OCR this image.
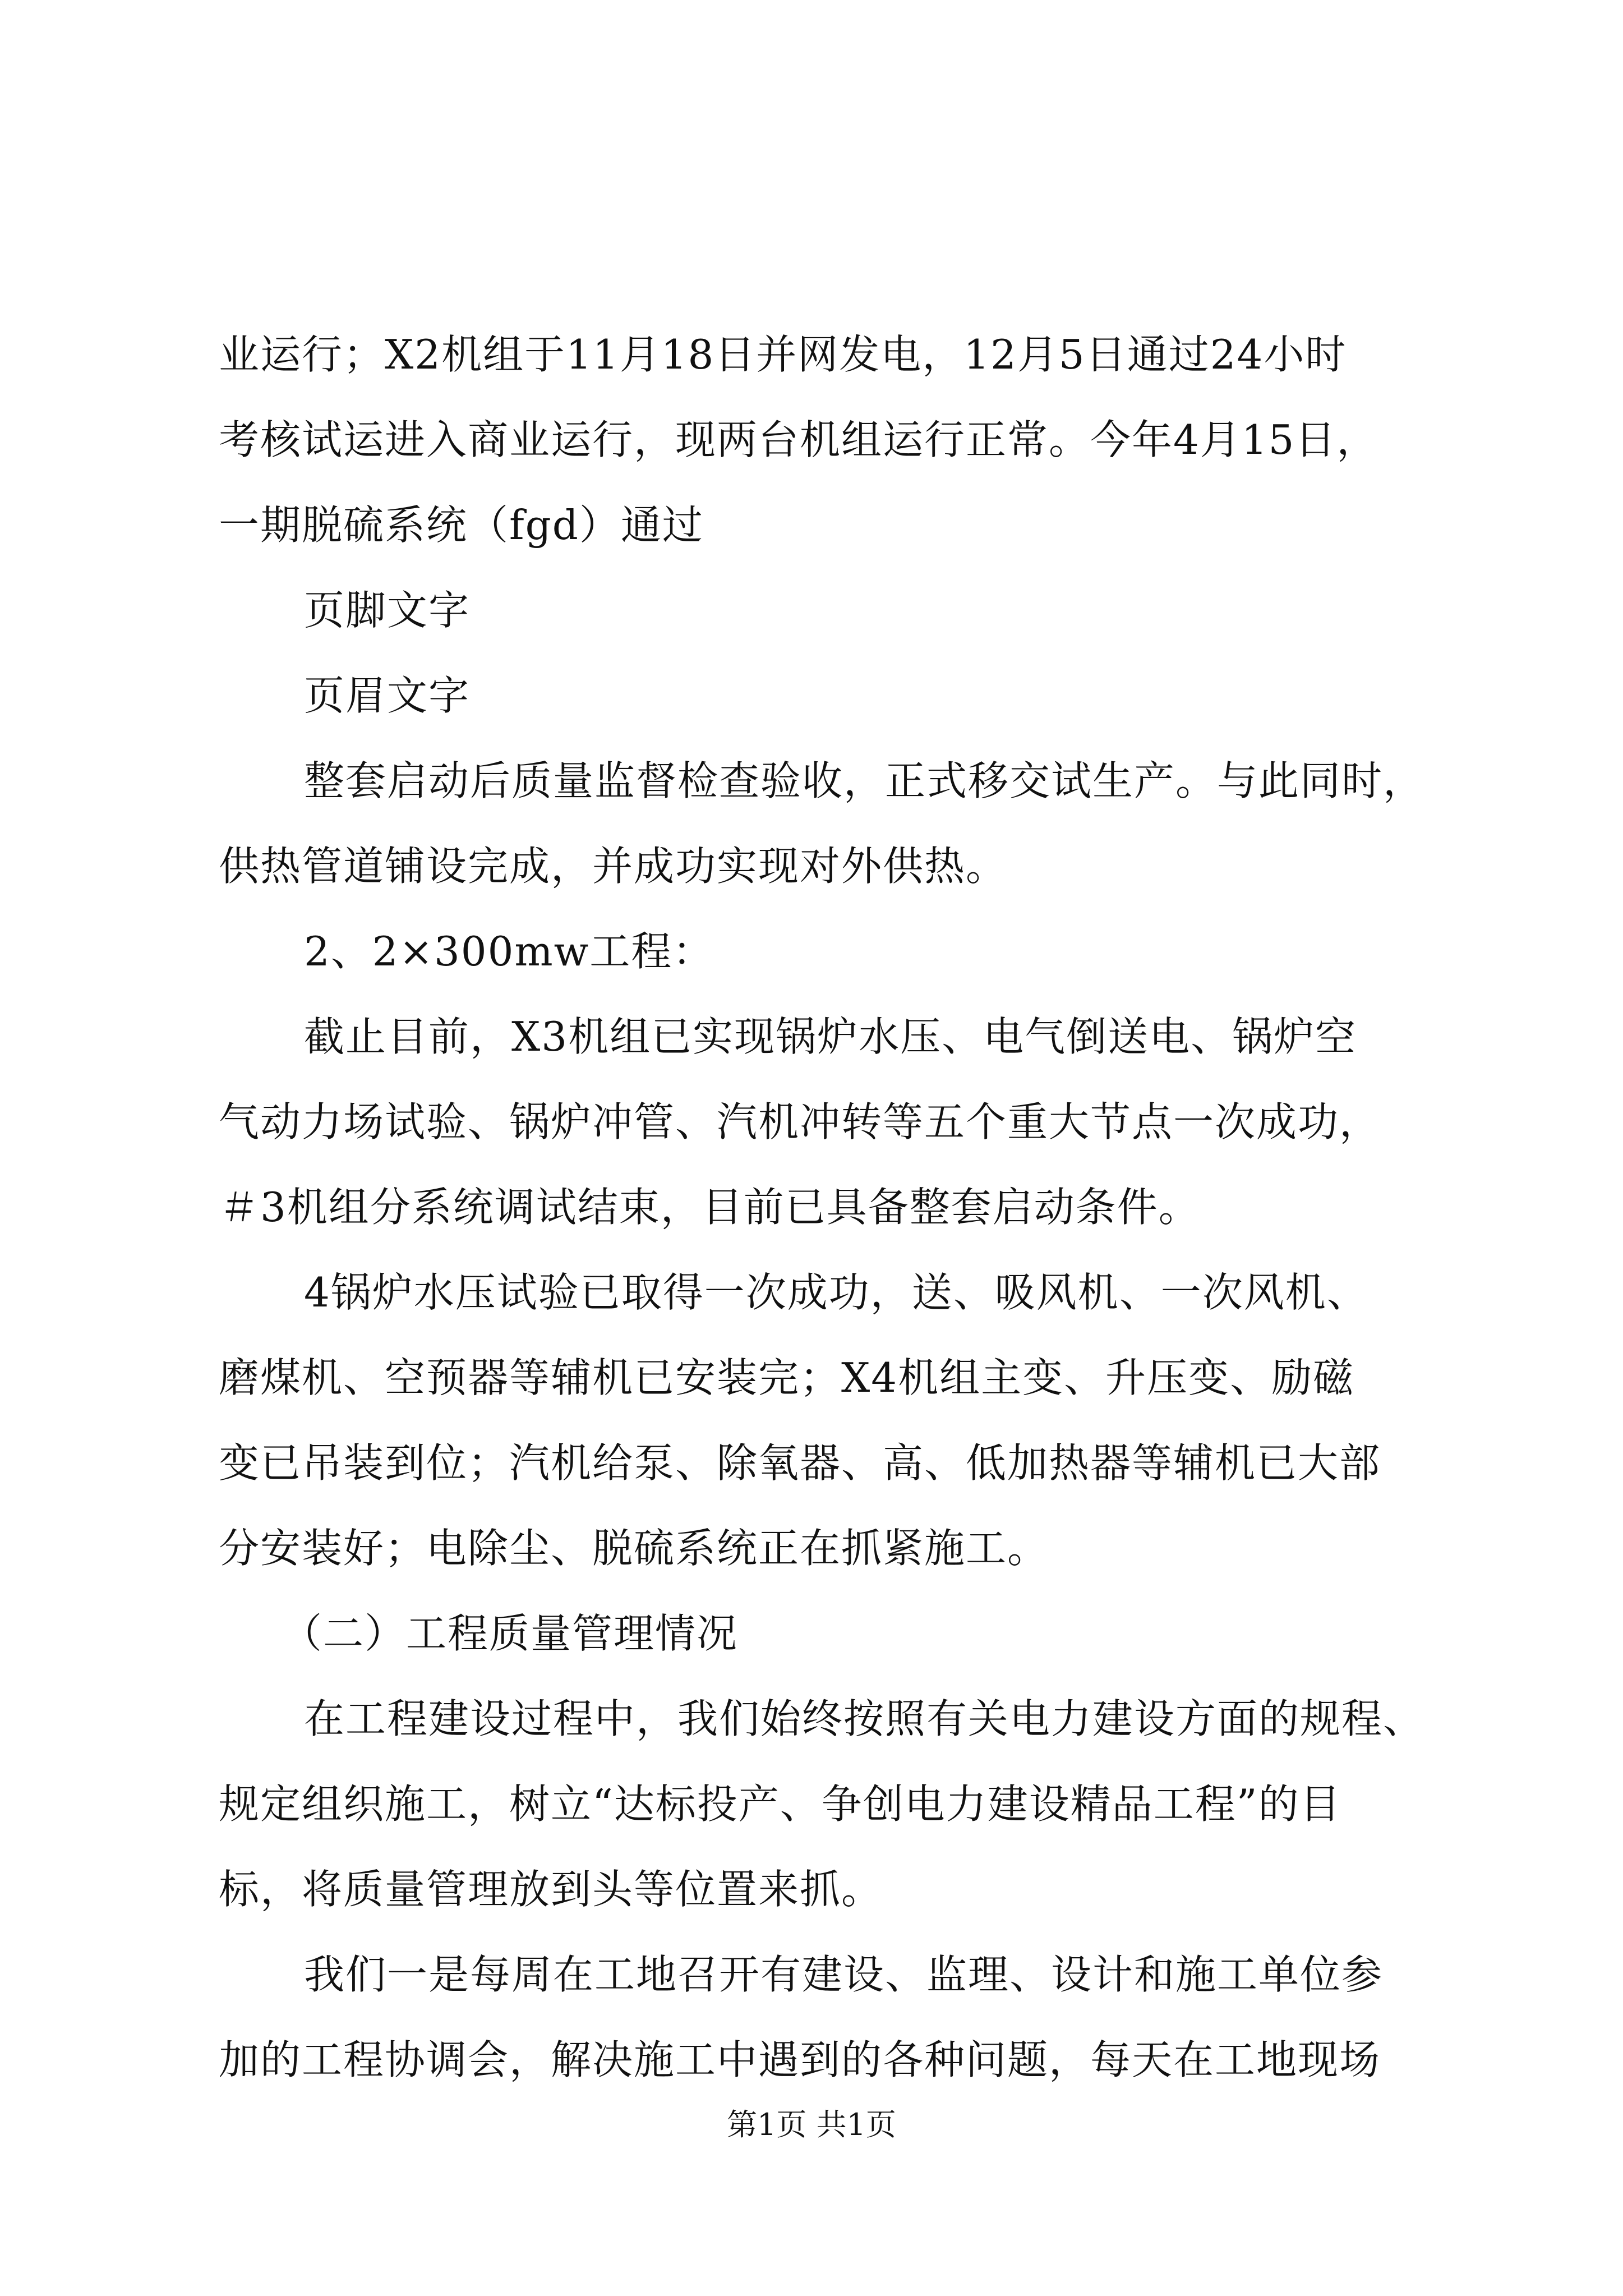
业运行；X2机组于11月18日并网发电，12月5日通过24小时
考核试运进入商业运行，现两台机组运行正常。今年4月15日，
一期脱硫系统（fgd）通过

页脚文字

页眉文字

整套启动后质量监督检查验收，正式移交试生产。与此同时，
供热管道铺设完成，并成功实现对外供热。

2、2×300mw工程：

截止目前，X3机组已实现锅炉水压、电气倒送电、锅炉空
气动力场试验、锅炉冲管、汽机冲转等五个重大节点一次成功，
＃3机组分系统调试结束，目前已具备整套启动条件。

4锅炉水压试验已取得一次成功，送、吸风机、一次风机、
磨煤机、空预器等辅机已安装完；X4机组主变、升压变、励磁
变已吊装到位；汽机给泵、除氧器、高、低加热器等辅机已大部
分安装好；电除尘、脱硫系统正在抓紧施工。

（二）工程质量管理情况

在工程建设过程中，我们始终按照有关电力建设方面的规程、
规定组织施工，树立“达标投产、争创电力建设精品工程”的目
标，将质量管理放到头等位置来抓。

我们一是每周在工地召开有建设、监理、设计和施工单位参
加的工程协调会，解决施工中遇到的各种问题，每天在工地现场

第1页 共1页
